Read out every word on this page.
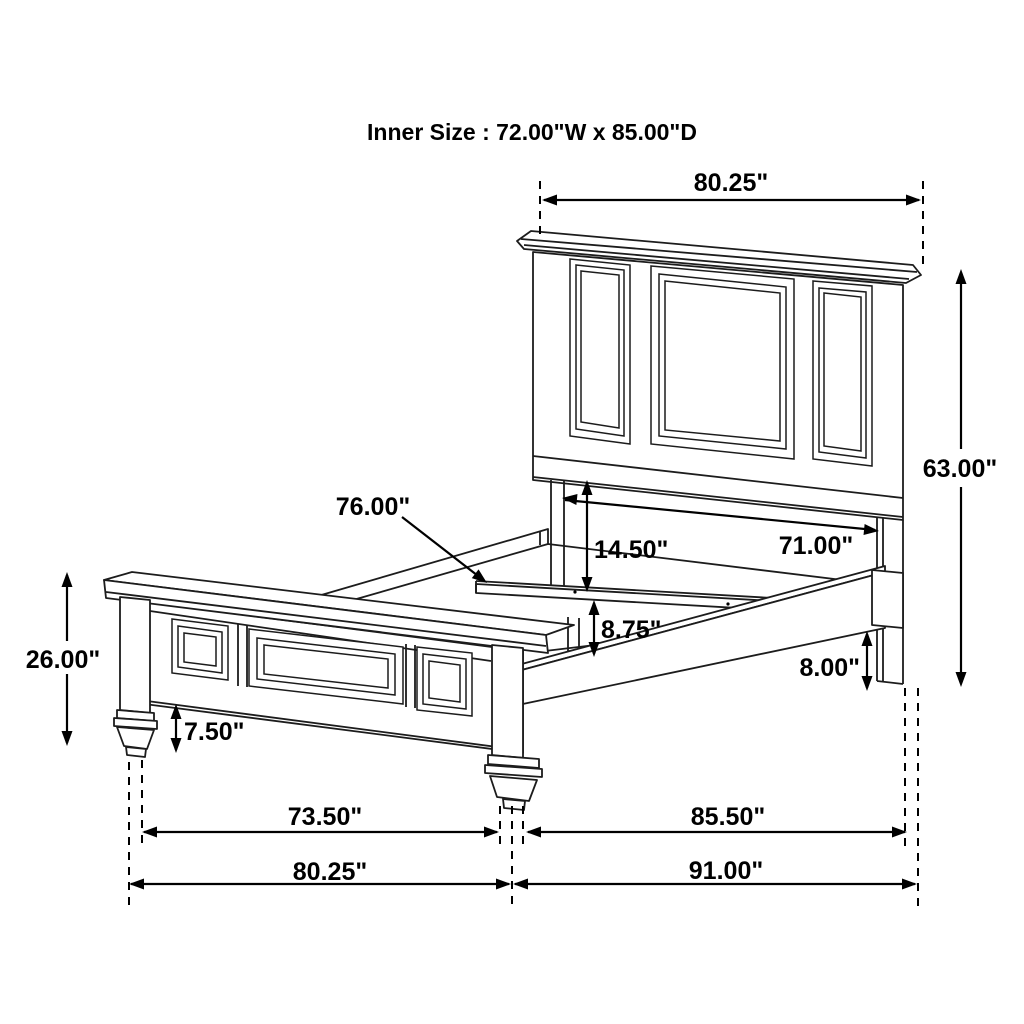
80.25"
63.00"
71.00"
14.50"
76.00"
8.75"
8.00"
26.00"
7.50"
73.50"	85.50"
80.25"	91.00"
Inner Size : 72.00"W x 85.00"D
